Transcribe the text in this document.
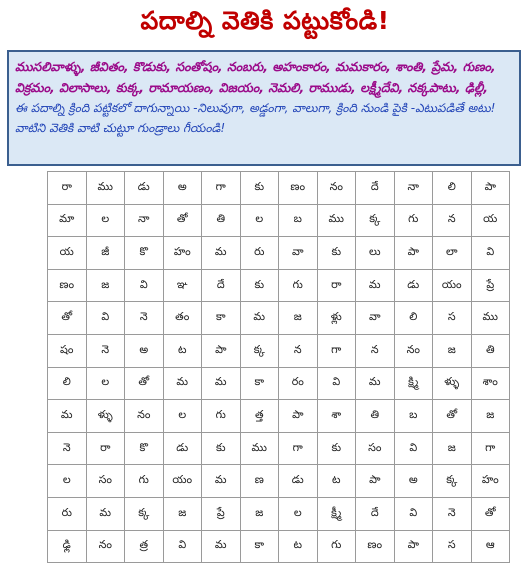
పదాల్ని వెతికి పట్టుకోండి!
ముసలివాళ్ళు, జీవితం, కొడుకు, సంతోషం, నంబరు, అహంకారం, మమకారం, శాంతి, ప్రేమ, గుణం, విక్రమం, విలాసాలు, కుక్క, రామాయణం, విజయం, నెమలి, రాముడు, లక్ష్మీదేవి, నక్కపాటు, ఢిల్లీ,
ఈ పదాల్ని క్రింది పట్టికలో దాగున్నాయి -నిలువుగా, అడ్డంగా, వాలుగా, క్రింది నుండి పైకి -ఎటుపడితే అటు! వాటిని వెతికి వాటి చుట్టూ గుండ్రాలు గీయండి!
రా	ము	డు	అ	గా	కు	ణం	నం	దే	నా	లి	పా
మా	ల	నా	తో	తి	ల	బ	ము	క్క	గు	న	య
య	జీ	కొ	హం	మ	రు	వా	కు	లు	పా	లా	వి
ణం	జ	వి	ఞ	దే	కు	గు	రా	మ	డు	యం	ప్రే
తో	వి	నె	తం	కా	మ	జ	ళ్లు	వా	లి	స	ము
షం	నె	అ	ట	పా	క్క	న	గా	న	నం	జ	తి
లి	ల	తో	మ	మ	కా	రం	వి	మ	క్ష్మి	ళ్ళు	శాం
మ	ళ్ళు	నం	ల	గు	త్త	పా	శా	తి	బ	తో	జ
నె	రా	కొ	డు	కు	ము	గా	కు	సం	వి	జ	గా
ల	సం	గు	యం	మ	ణ	డు	ట	పా	అ	క్క	హం
రు	మ	క్క	జ	ప్రే	జ	ల	క్ష్మీ	దే	వి	నె	తో
ఢ్లి	నం	త్ర	వి	మ	కా	ట	గు	ణం	పా	స	ఆ
